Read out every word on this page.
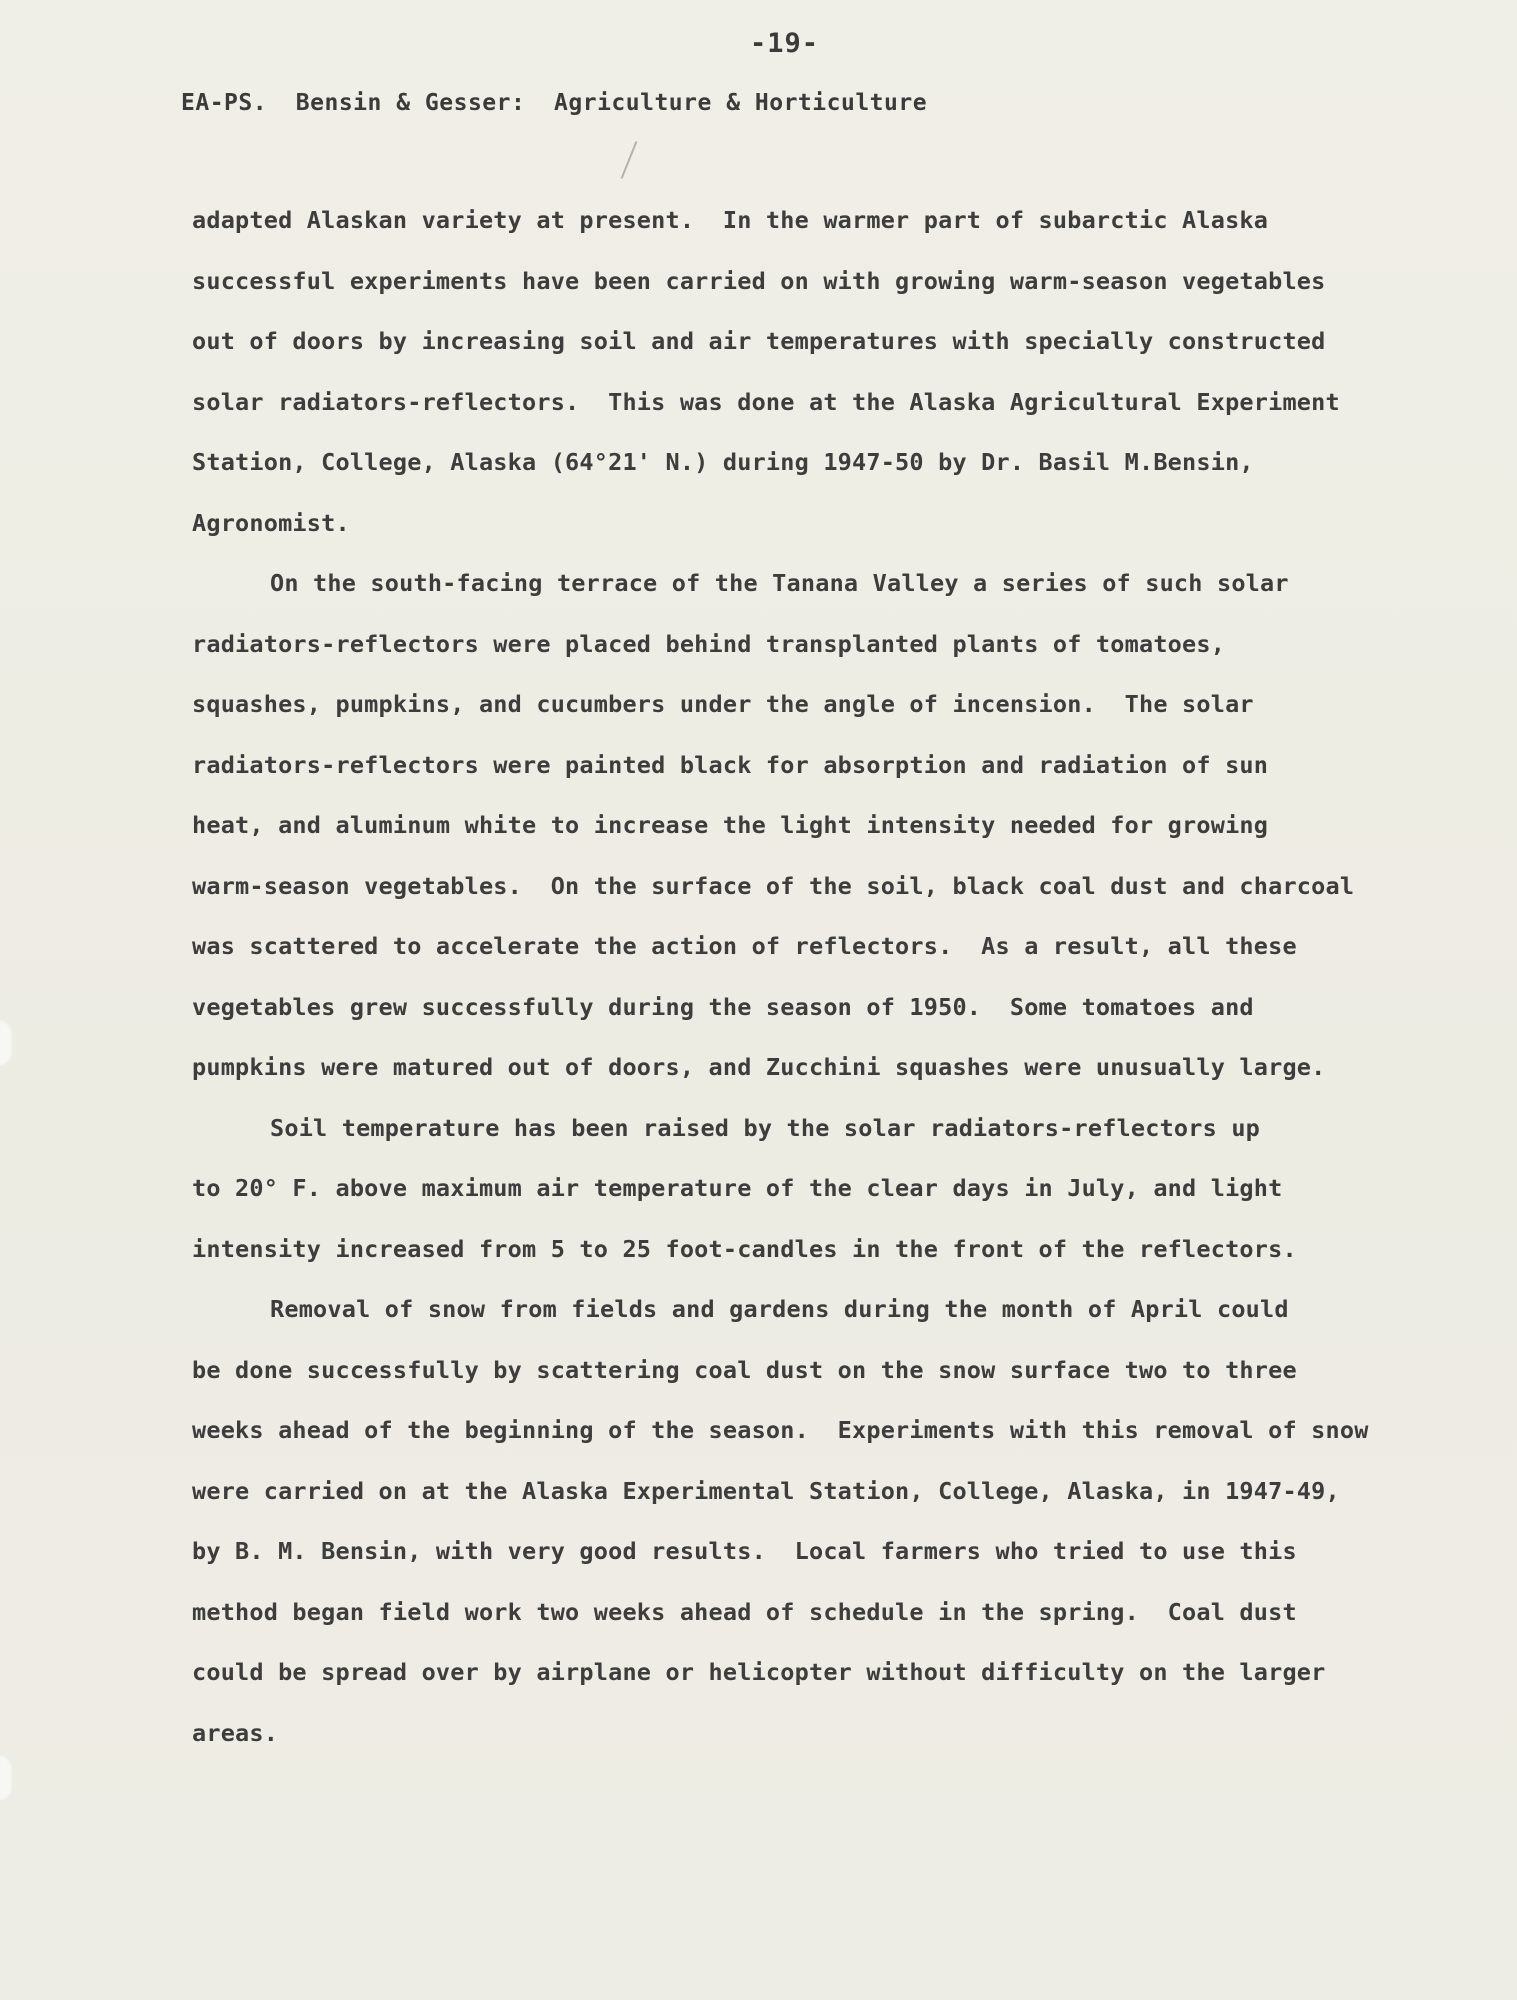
-19-
EA-PS.  Bensin & Gesser:  Agriculture & Horticulture
adapted Alaskan variety at present.  In the warmer part of subarctic Alaska
successful experiments have been carried on with growing warm-season vegetables
out of doors by increasing soil and air temperatures with specially constructed
solar radiators-reflectors.  This was done at the Alaska Agricultural Experiment
Station, College, Alaska (64°21' N.) during 1947-50 by Dr. Basil M.Bensin,
Agronomist.
On the south-facing terrace of the Tanana Valley a series of such solar
radiators-reflectors were placed behind transplanted plants of tomatoes,
squashes, pumpkins, and cucumbers under the angle of incension.  The solar
radiators-reflectors were painted black for absorption and radiation of sun
heat, and aluminum white to increase the light intensity needed for growing
warm-season vegetables.  On the surface of the soil, black coal dust and charcoal
was scattered to accelerate the action of reflectors.  As a result, all these
vegetables grew successfully during the season of 1950.  Some tomatoes and
pumpkins were matured out of doors, and Zucchini squashes were unusually large.
Soil temperature has been raised by the solar radiators-reflectors up
to 20° F. above maximum air temperature of the clear days in July, and light
intensity increased from 5 to 25 foot-candles in the front of the reflectors.
Removal of snow from fields and gardens during the month of April could
be done successfully by scattering coal dust on the snow surface two to three
weeks ahead of the beginning of the season.  Experiments with this removal of snow
were carried on at the Alaska Experimental Station, College, Alaska, in 1947-49,
by B. M. Bensin, with very good results.  Local farmers who tried to use this
method began field work two weeks ahead of schedule in the spring.  Coal dust
could be spread over by airplane or helicopter without difficulty on the larger
areas.
